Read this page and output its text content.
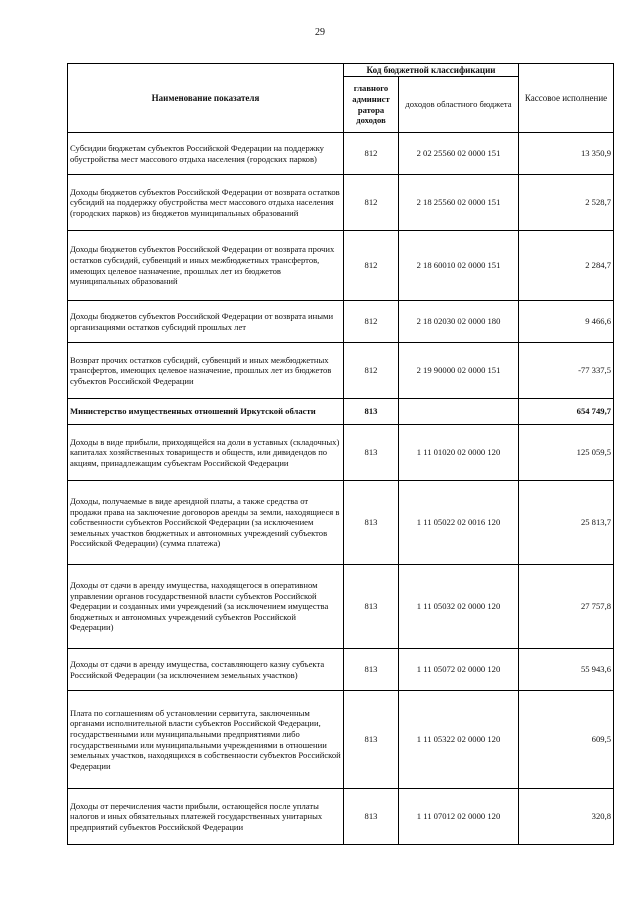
29
Наименование показателя	Код бюджетной классификации		Кассовое исполнение
	главного админист ратора доходов	доходов областного бюджета	
Субсидии бюджетам субъектов Российской Федерации на поддержку обустройства мест массового отдыха населения (городских парков)	812	2 02 25560 02 0000 151	13 350,9
Доходы бюджетов субъектов Российской Федерации от возврата остатков субсидий на поддержку обустройства мест массового отдыха населения (городских парков) из бюджетов муниципальных образований	812	2 18 25560 02 0000 151	2 528,7
Доходы бюджетов субъектов Российской Федерации от возврата прочих остатков субсидий, субвенций и иных межбюджетных трансфертов, имеющих целевое назначение, прошлых лет из бюджетов муниципальных образований	812	2 18 60010 02 0000 151	2 284,7
Доходы бюджетов субъектов Российской Федерации от возврата иными организациями остатков субсидий прошлых лет	812	2 18 02030 02 0000 180	9 466,6
Возврат прочих остатков субсидий, субвенций и иных межбюджетных трансфертов, имеющих целевое назначение, прошлых лет из бюджетов субъектов Российской Федерации	812	2 19 90000 02 0000 151	-77 337,5
Министерство имущественных отношений Иркутской области	813		654 749,7
Доходы в виде прибыли, приходящейся на доли в уставных (складочных) капиталах хозяйственных товариществ и обществ, или дивидендов по акциям, принадлежащим субъектам Российской Федерации	813	1 11 01020 02 0000 120	125 059,5
Доходы, получаемые в виде арендной платы, а также средства от продажи права на заключение договоров аренды за земли, находящиеся в собственности субъектов Российской Федерации (за исключением земельных участков бюджетных и автономных учреждений субъектов Российской Федерации) (сумма платежа)	813	1 11 05022 02 0016 120	25 813,7
Доходы от сдачи в аренду имущества, находящегося в оперативном управлении органов государственной власти субъектов Российской Федерации и созданных ими учреждений (за исключением имущества бюджетных и автономных учреждений субъектов Российской Федерации)	813	1 11 05032 02 0000 120	27 757,8
Доходы от сдачи в аренду имущества, составляющего казну субъекта Российской Федерации (за исключением земельных участков)	813	1 11 05072 02 0000 120	55 943,6
Плата по соглашениям об установлении сервитута, заключенным органами исполнительной власти субъектов Российской Федерации, государственными или муниципальными предприятиями либо государственными или муниципальными учреждениями в отношении земельных участков, находящихся в собственности субъектов Российской Федерации	813	1 11 05322 02 0000 120	609,5
Доходы от перечисления части прибыли, остающейся после уплаты налогов и иных обязательных платежей государственных унитарных предприятий субъектов Российской Федерации	813	1 11 07012 02 0000 120	320,8
